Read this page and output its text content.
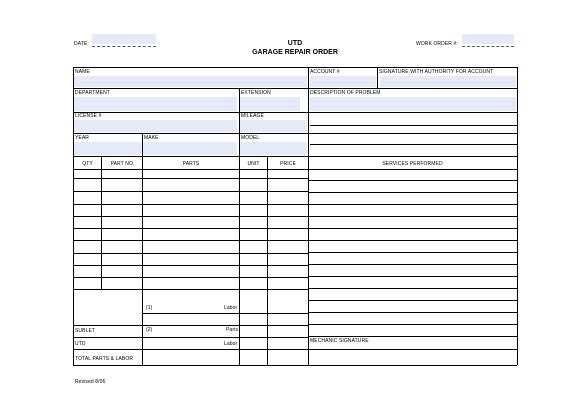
DATE:	UTD
GARAGE REPAIR ORDER
WORK ORDER #:
NAME	ACCOUNT #	SIGNATURE WITH AUTHORITY FOR ACCOUNT
DEPARTMENT	EXTENSION	DESCRIPTION OF PROBLEM
LICENSE #	MILEAGE
YEAR	MAKE	MODEL
QTY	PART NO.	PARTS	UNIT	PRICE	SERVICES PERFORMED
(1)	Labor
SUBLET	(2)	Parts
UTD	Labor
TOTAL PARTS & LABOR
MECHANIC SIGNATURE
Revised 8/06
